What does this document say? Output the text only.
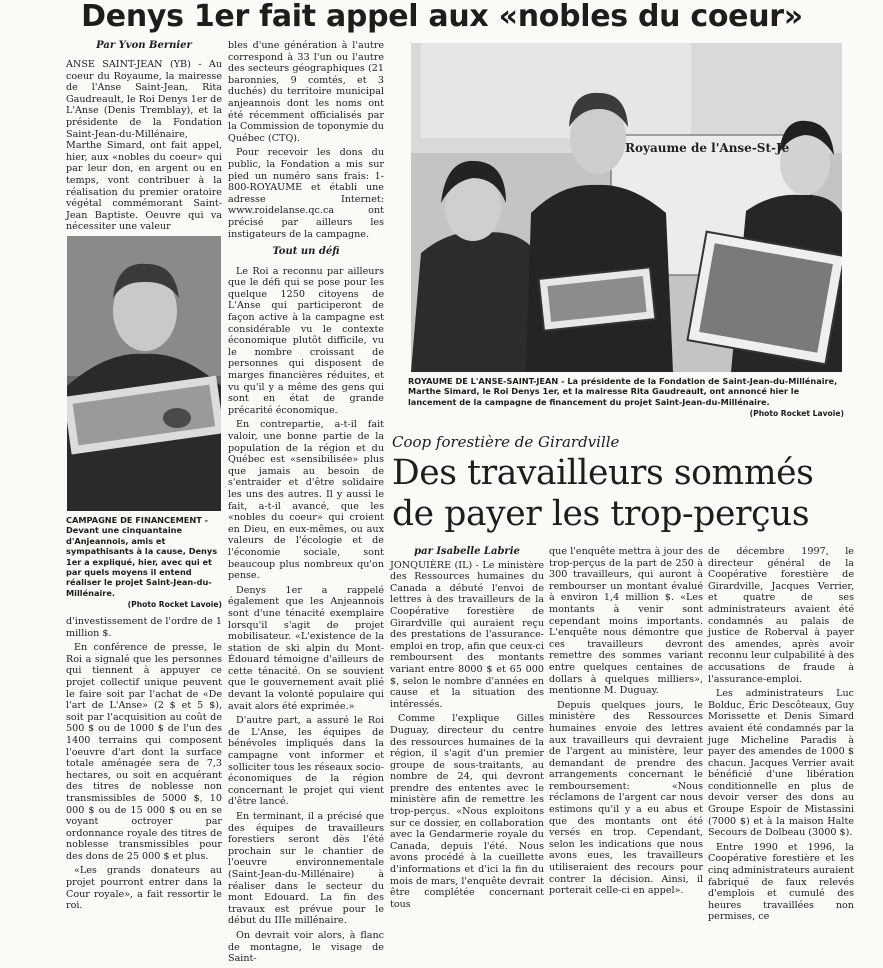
Denys 1er fait appel aux «nobles du coeur»
Par Yvon Bernier

ANSE SAINT-JEAN (YB) - Au coeur du Royaume, la mairesse de l'Anse Saint-Jean, Rita Gaudreault, le Roi Denys 1er de L'Anse (Denis Tremblay), et la présidente de la Fondation Saint-Jean-du-Millénaire, Marthe Simard, ont fait appel, hier, aux «nobles du coeur» qui par leur don, en argent ou en temps, vont contribuer à la réalisation du premier oratoire végétal commémorant Saint-Jean Baptiste. Oeuvre qui va nécessiter une valeur

CAMPAGNE DE FINANCEMENT - Devant une cinquantaine d'Anjeannois, amis et sympathisants à la cause, Denys 1er a expliqué, hier, avec qui et par quels moyens il entend réaliser le projet Saint-Jean-du-Millénaire.
(Photo Rocket Lavoie)

d'investissement de l'ordre de 1 million $.

En conférence de presse, le Roi a signalé que les personnes qui tiennent à appuyer ce projet collectif unique peuvent le faire soit par l'achat de «De l'art de L'Anse» (2 $ et 5 $), soit par l'acquisition au coût de 500 $ ou de 1000 $ de l'un des 1400 terrains qui composent l'oeuvre d'art dont la surface totale aménagée sera de 7,3 hectares, ou soit en acquérant des titres de noblesse non transmissibles de 5000 $, 10 000 $ ou de 15 000 $ ou en se voyant octroyer par ordonnance royale des titres de noblesse transmissibles pour des dons de 25 000 $ et plus.

«Les grands donateurs au projet pourront entrer dans la Cour royale», a fait ressortir le roi.

bles d'une génération à l'autre correspond à 33 l'un ou l'autre des secteurs géographiques (21 baronnies, 9 comtés, et 3 duchés) du territoire municipal anjeannois dont les noms ont été récemment officialisés par la Commission de toponymie du Québec (CTQ).

Pour recevoir les dons du public, la Fondation a mis sur pied un numéro sans frais: 1-800-ROYAUME et établi une adresse Internet: www.roidelanse.qc.ca ont précisé par ailleurs les instigateurs de la campagne.

Tout un défi

Le Roi a reconnu par ailleurs que le défi qui se pose pour les quelque 1250 citoyens de L'Anse qui participeront de façon active à la campagne est considérable vu le contexte économique plutôt difficile, vu le nombre croissant de personnes qui disposent de marges financières réduites, et vu qu'il y a même des gens qui sont en état de grande précarité économique.

En contrepartie, a-t-il fait valoir, une bonne partie de la population de la région et du Québec est «sensibilisée» plus que jamais au besoin de s'entraider et d'être solidaire les uns des autres. Il y aussi le fait, a-t-il avancé, que les «nobles du coeur» qui croient en Dieu, en eux-mêmes, ou aux valeurs de l'écologie et de l'économie sociale, sont beaucoup plus nombreux qu'on pense.

Denys 1er a rappelé également que les Anjeannois sont d'une ténacité exemplaire lorsqu'il s'agit de projet mobilisateur. «L'existence de la station de ski alpin du Mont-Édouard témoigne d'ailleurs de cette ténacité. On se souvient que le gouvernement avait plié devant la volonté populaire qui avait alors été exprimée.»

D'autre part, a assuré le Roi de L'Anse, les équipes de bénévoles impliqués dans la campagne vont informer et solliciter tous les réseaux socio-économiques de la région concernant le projet qui vient d'être lancé.

En terminant, il a précisé que des équipes de travailleurs forestiers seront dès l'été prochain sur le chantier de l'oeuvre environnementale (Saint-Jean-du-Millénaire) à réaliser dans le secteur du mont Edouard. La fin des travaux est prévue pour le début du IIIe millénaire.

On devrait voir alors, à flanc de montagne, le visage de Saint-

Royaume de l'Anse-St-Je
ROYAUME DE L'ANSE-SAINT-JEAN - La présidente de la Fondation de Saint-Jean-du-Millénaire, Marthe Simard, le Roi Denys 1er, et la mairesse Rita Gaudreault, ont annoncé hier le lancement de la campagne de financement du projet Saint-Jean-du-Millénaire.
(Photo Rocket Lavoie)
Coop forestière de Girardville
Des travailleurs sommés
de payer les trop-perçus
par Isabelle Labrie

JONQUIÈRE (IL) - Le ministère des Ressources humaines du Canada a débuté l'envoi de lettres à des travailleurs de la Coopérative forestière de Girardville qui auraient reçu des prestations de l'assurance-emploi en trop, afin que ceux-ci remboursent des montants variant entre 8000 $ et 65 000 $, selon le nombre d'années en cause et la situation des intéressés.

Comme l'explique Gilles Duguay, directeur du centre des ressources humaines de la région, il s'agit d'un premier groupe de sous-traitants, au nombre de 24, qui devront prendre des ententes avec le ministère afin de remettre les trop-perçus. «Nous exploitons sur ce dossier, en collaboration avec la Gendarmerie royale du Canada, depuis l'été. Nous avons procédé à la cueillette d'informations et d'ici la fin du mois de mars, l'enquête devrait être complétée concernant tous

que l'enquête mettra à jour des trop-perçus de la part de 250 à 300 travailleurs, qui auront à rembourser un montant évalué à environ 1,4 million $. «Les montants à venir sont cependant moins importants. L'enquête nous démontre que ces travailleurs devront remettre des sommes variant entre quelques centaines de dollars à quelques milliers», mentionne M. Duguay.

Depuis quelques jours, le ministère des Ressources humaines envoie des lettres aux travailleurs qui devraient de l'argent au ministère, leur demandant de prendre des arrangements concernant le remboursement: «Nous réclamons de l'argent car nous estimons qu'il y a eu abus et que des montants ont été versés en trop. Cependant, selon les indications que nous avons eues, les travailleurs utiliseraient des recours pour contrer la décision. Ainsi, il porterait celle-ci en appel».

de décembre 1997, le directeur général de la Coopérative forestière de Girardville, Jacques Verrier, et quatre de ses administrateurs avaient été condamnés au palais de justice de Roberval à payer des amendes, après avoir reconnu leur culpabilité à des accusations de fraude à l'assurance-emploi.

Les administrateurs Luc Bolduc, Éric Descôteaux, Guy Morissette et Denis Simard avaient été condamnés par la juge Micheline Paradis à payer des amendes de 1000 $ chacun. Jacques Verrier avait bénéficié d'une libération conditionnelle en plus de devoir verser des dons au Groupe Espoir de Mistassini (7000 $) et à la maison Halte Secours de Dolbeau (3000 $).

Entre 1990 et 1996, la Coopérative forestière et les cinq administrateurs auraient fabriqué de faux relevés d'emplois et cumulé des heures travaillées non permises, ce
